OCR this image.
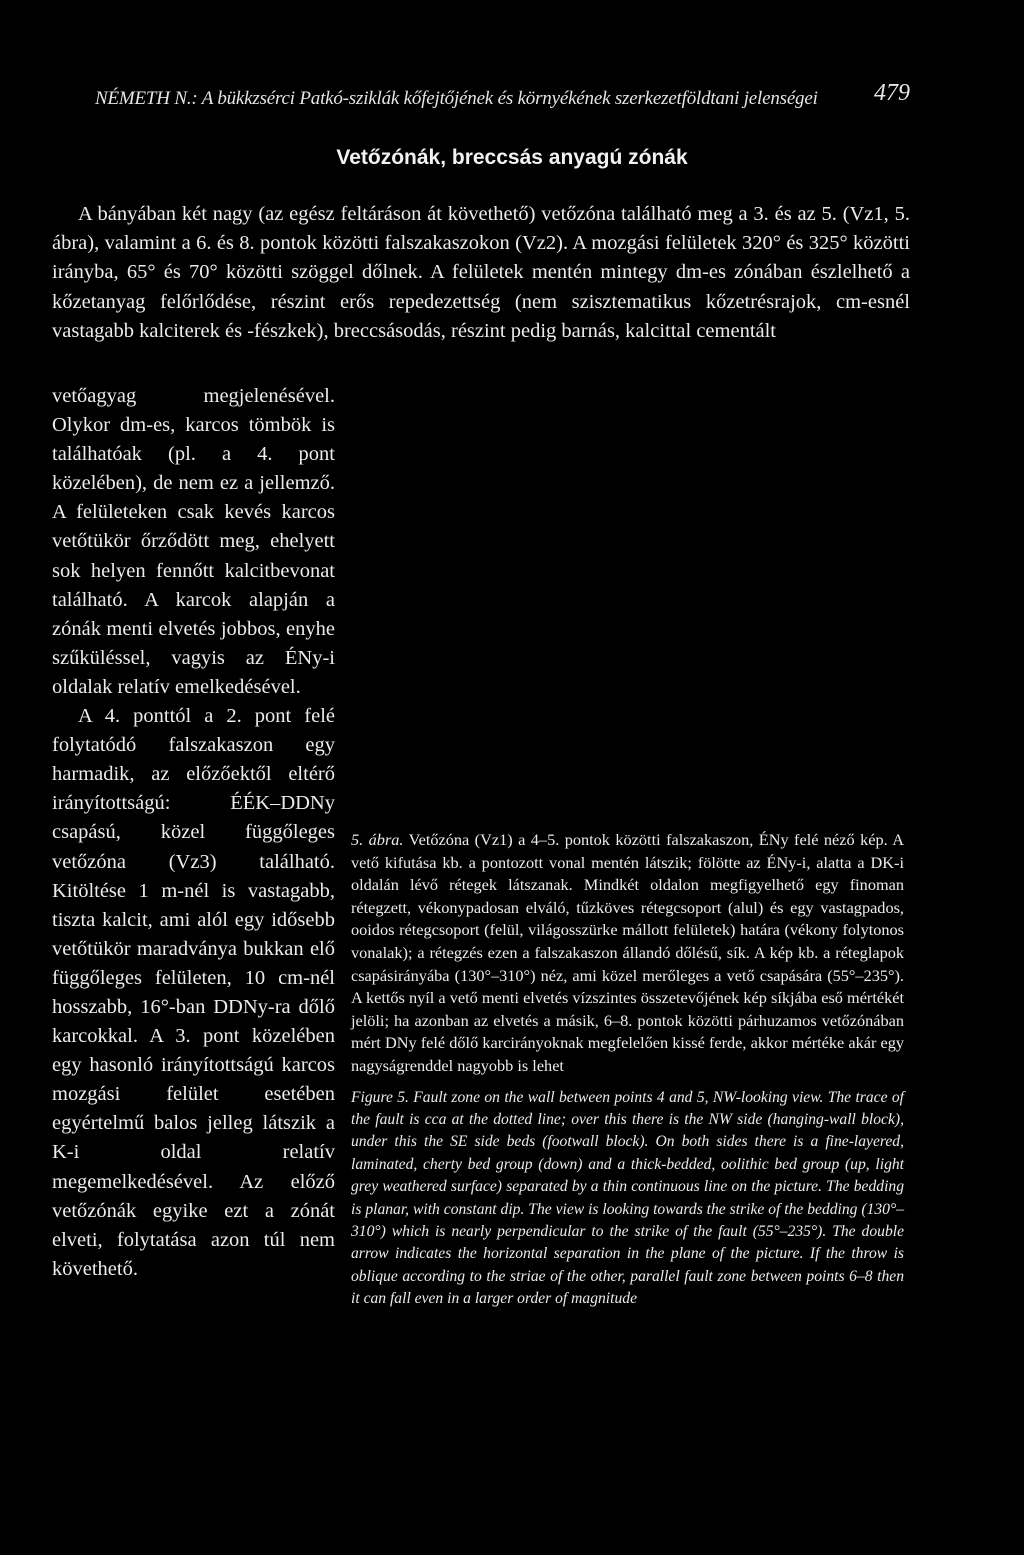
NÉMETH N.: A bükkzsérci Patkó-sziklák kőfejtőjének és környékének szerkezetföldtani jelenségei 479
Vetőzónák, breccsás anyagú zónák

A bányában két nagy (az egész feltáráson át követhető) vetőzóna található meg a 3. és az 5. (Vz1, 5. ábra), valamint a 6. és 8. pontok közötti falszakaszokon (Vz2). A mozgási felületek 320° és 325° közötti irányba, 65° és 70° közötti szöggel dőlnek. A felületek mentén mintegy dm-es zónában észlelhető a kőzetanyag felőrlődése, részint erős repedezettség (nem szisztematikus kőzetrésrajok, cm-esnél vastagabb kalciterek és -fészkek), breccsásodás, részint pedig barnás, kalcittal cementált

vetőagyag megjelenésével. Olykor dm-es, karcos tömbök is találhatóak (pl. a 4. pont közelében), de nem ez a jellemző. A felületeken csak kevés karcos vetőtükör őrződött meg, ehelyett sok helyen fennőtt kalcitbevonat található. A karcok alapján a zónák menti elvetés jobbos, enyhe szűküléssel, vagyis az ÉNy-i oldalak relatív emelkedésével.

A 4. ponttól a 2. pont felé folytatódó falszakaszon egy harmadik, az előzőektől eltérő irányítottságú: ÉÉK–DDNy csapású, közel függőleges vetőzóna (Vz3) található. Kitöltése 1 m-nél is vastagabb, tiszta kalcit, ami alól egy idősebb vetőtükör maradványa bukkan elő függőleges felületen, 10 cm-nél hosszabb, 16°-ban DDNy-ra dőlő karcokkal. A 3. pont közelében egy hasonló irányítottságú karcos mozgási felület esetében egyértelmű balos jelleg látszik a K-i oldal relatív megemelkedésével. Az előző vetőzónák egyike ezt a zónát elveti, folytatása azon túl nem követhető.

5. ábra. Vetőzóna (Vz1) a 4–5. pontok közötti falszakaszon, ÉNy felé néző kép. A vető kifutása kb. a pontozott vonal mentén látszik; fölötte az ÉNy-i, alatta a DK-i oldalán lévő rétegek látszanak. Mindkét oldalon megfigyelhető egy finoman rétegzett, vékonypadosan elváló, tűzköves rétegcsoport (alul) és egy vastagpados, ooidos rétegcsoport (felül, világosszürke mállott felületek) határa (vékony folytonos vonalak); a rétegzés ezen a falszakaszon állandó dőlésű, sík. A kép kb. a réteglapok csapásirányába (130°–310°) néz, ami közel merőleges a vető csapására (55°–235°). A kettős nyíl a vető menti elvetés vízszintes összetevőjének kép síkjába eső mértékét jelöli; ha azonban az elvetés a másik, 6–8. pontok közötti párhuzamos vetőzónában mért DNy felé dőlő karcirányoknak megfelelően kissé ferde, akkor mértéke akár egy nagyságrenddel nagyobb is lehet

Figure 5. Fault zone on the wall between points 4 and 5, NW-looking view. The trace of the fault is cca at the dotted line; over this there is the NW side (hanging-wall block), under this the SE side beds (footwall block). On both sides there is a fine-layered, laminated, cherty bed group (down) and a thick-bedded, oolithic bed group (up, light grey weathered surface) separated by a thin continuous line on the picture. The bedding is planar, with constant dip. The view is looking towards the strike of the bedding (130°–310°) which is nearly perpendicular to the strike of the fault (55°–235°). The double arrow indicates the horizontal separation in the plane of the picture. If the throw is oblique according to the striae of the other, parallel fault zone between points 6–8 then it can fall even in a larger order of magnitude
